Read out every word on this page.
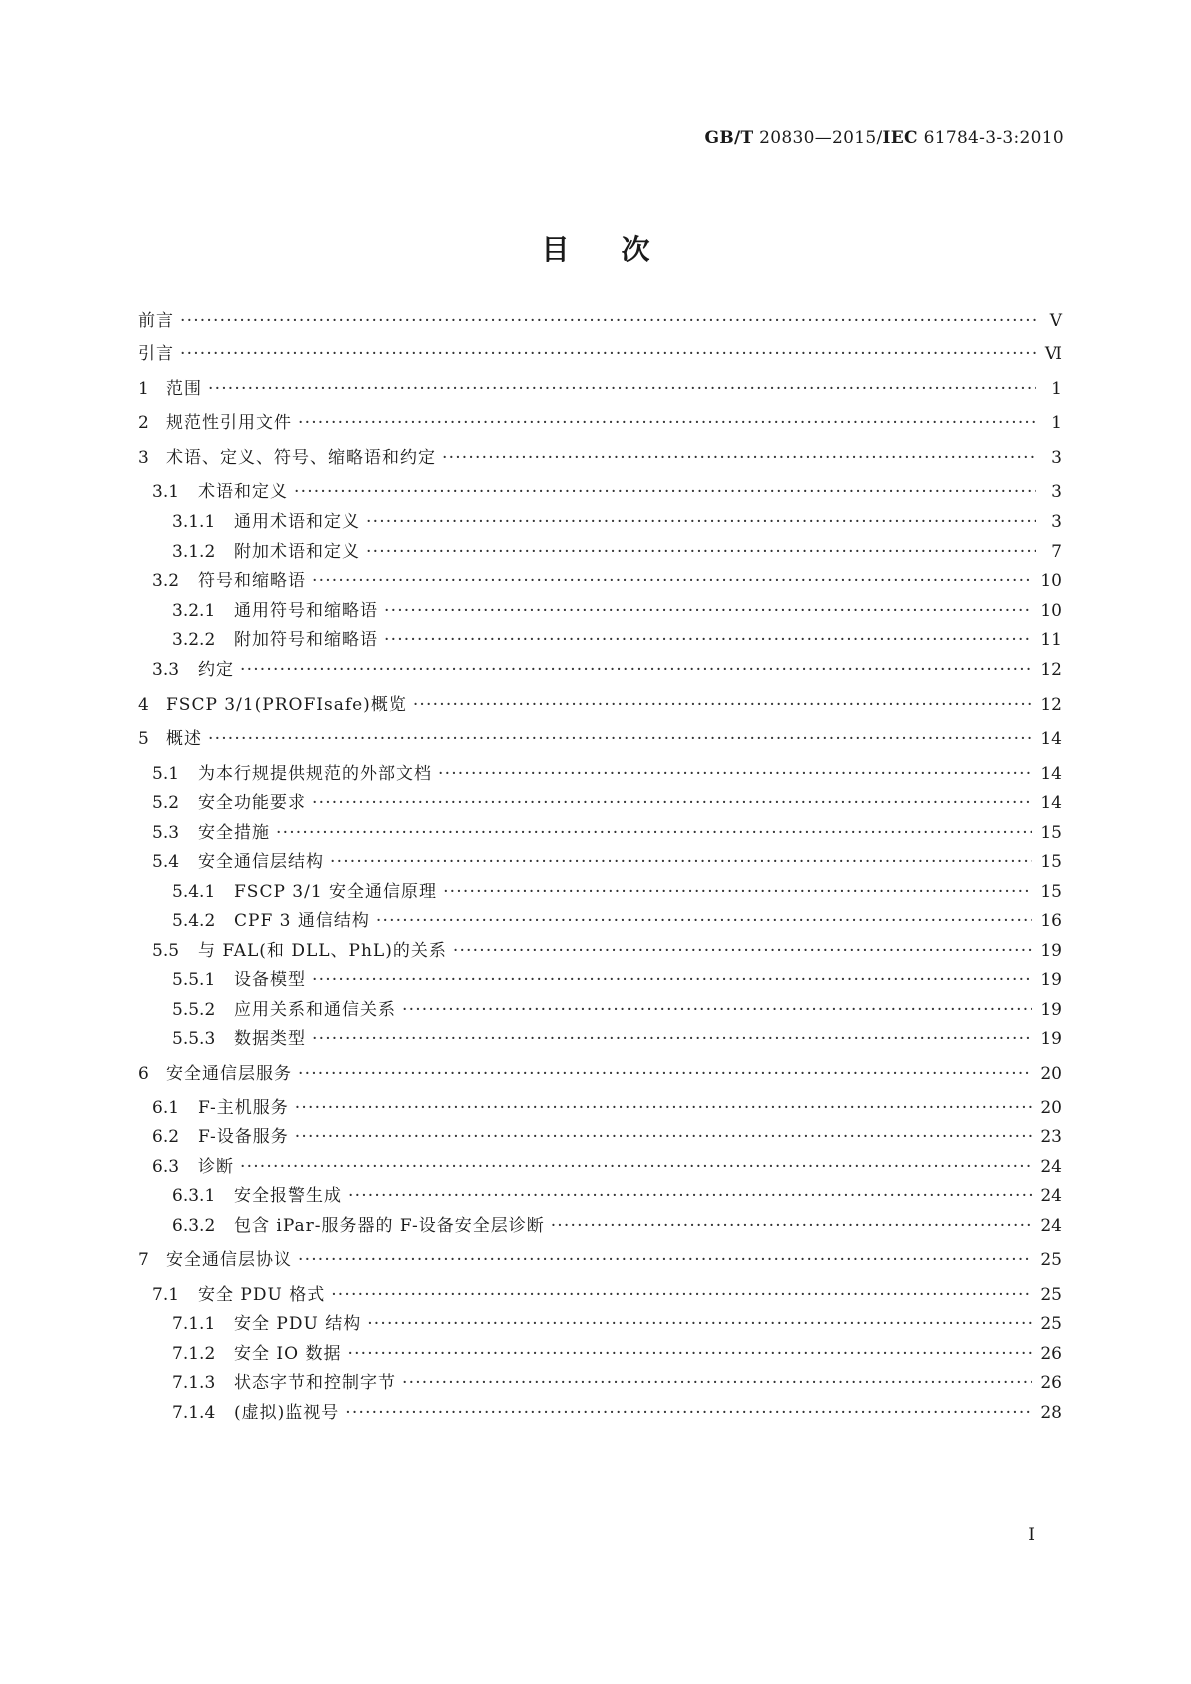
GB/T 20830—2015/IEC 61784-3-3:2010
目次
前言 ·····	Ⅴ
引言 ·····	Ⅵ
1	范围 ·····	1
2	规范性引用文件 ·····	1
3	术语、定义、符号、缩略语和约定 ·····	3
3.1	术语和定义 ·····	3
3.1.1	通用术语和定义 ·····	3
3.1.2	附加术语和定义 ·····	7
3.2	符号和缩略语 ·····	10
3.2.1	通用符号和缩略语 ·····	10
3.2.2	附加符号和缩略语 ·····	11
3.3	约定 ·····	12
4	FSCP 3/1(PROFIsafe)概览 ·····	12
5	概述 ·····	14
5.1	为本行规提供规范的外部文档 ·····	14
5.2	安全功能要求 ·····	14
5.3	安全措施 ·····	15
5.4	安全通信层结构 ·····	15
5.4.1	FSCP 3/1 安全通信原理 ·····	15
5.4.2	CPF 3 通信结构 ·····	16
5.5	与 FAL(和 DLL、PhL)的关系 ·····	19
5.5.1	设备模型 ·····	19
5.5.2	应用关系和通信关系 ·····	19
5.5.3	数据类型 ·····	19
6	安全通信层服务 ·····	20
6.1	F-主机服务 ·····	20
6.2	F-设备服务 ·····	23
6.3	诊断 ·····	24
6.3.1	安全报警生成 ·····	24
6.3.2	包含 iPar-服务器的 F-设备安全层诊断 ·····	24
7	安全通信层协议 ·····	25
7.1	安全 PDU 格式 ·····	25
7.1.1	安全 PDU 结构 ·····	25
7.1.2	安全 IO 数据 ·····	26
7.1.3	状态字节和控制字节 ·····	26
7.1.4	(虚拟)监视号 ·····	28
Ⅰ
